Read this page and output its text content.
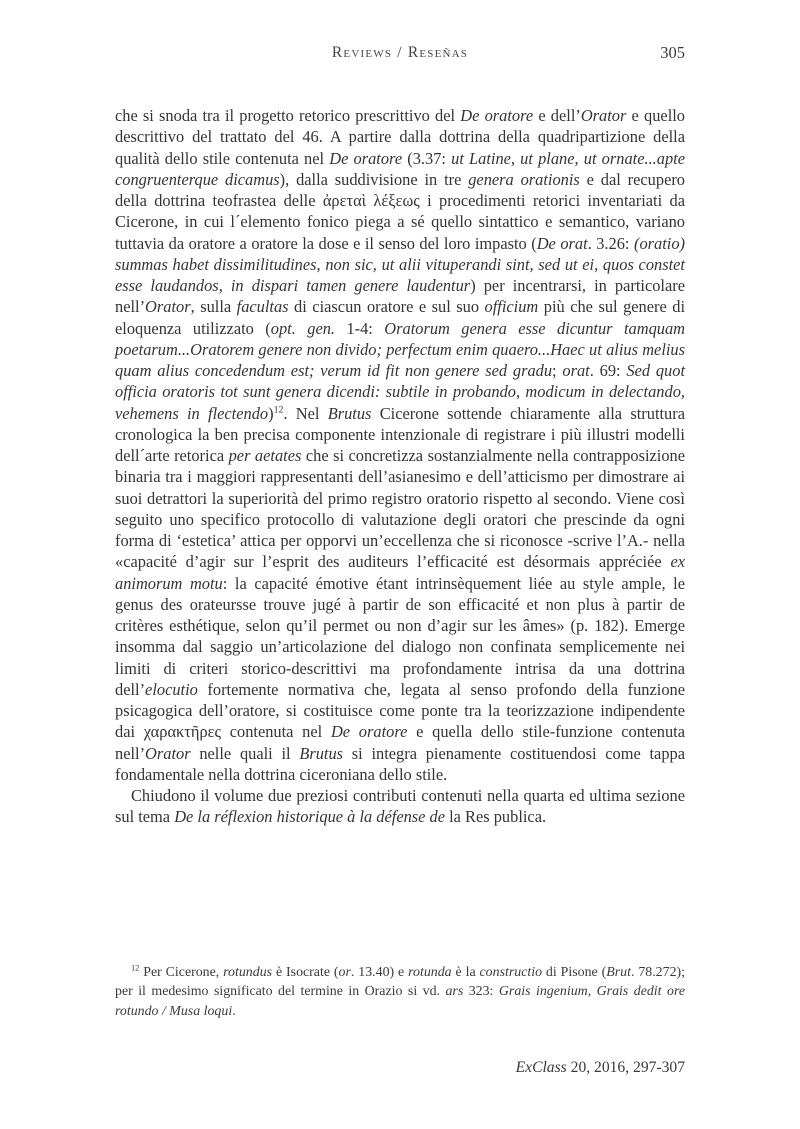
Reviews / Reseñas	305

che si snoda tra il progetto retorico prescrittivo del De oratore e dell’Orator e quello descrittivo del trattato del 46. A partire dalla dottrina della quadripartizione della qualità dello stile contenuta nel De oratore (3.37: ut Latine, ut plane, ut ornate...apte congruenterque dicamus), dalla suddivisione in tre genera orationis e dal recupero della dottrina teofrastea delle ἀρεταὶ λέξεως i procedimenti retorici inventariati da Cicerone, in cui l´elemento fonico piega a sé quello sintattico e semantico, variano tuttavia da oratore a oratore la dose e il senso del loro impasto (De orat. 3.26: (oratio) summas habet dissimilitudines, non sic, ut alii vituperandi sint, sed ut ei, quos constet esse laudandos, in dispari tamen genere laudentur) per incentrarsi, in particolare nell’Orator, sulla facultas di ciascun oratore e sul suo officium più che sul genere di eloquenza utilizzato (opt. gen. 1-4: Oratorum genera esse dicuntur tamquam poetarum...Oratorem genere non divido; perfectum enim quaero...Haec ut alius melius quam alius concedendum est; verum id fit non genere sed gradu; orat. 69: Sed quot officia oratoris tot sunt genera dicendi: subtile in probando, modicum in delectando, vehemens in flectendo)$^{12}$. Nel Brutus Cicerone sottende chiaramente alla struttura cronologica la ben precisa componente intenzionale di registrare i più illustri modelli dell´arte retorica per aetates che si concretizza sostanzialmente nella contrapposizione binaria tra i maggiori rappresentanti dell’asianesimo e dell’atticismo per dimostrare ai suoi detrattori la superiorità del primo registro oratorio rispetto al secondo. Viene così seguito uno specifico protocollo di valutazione degli oratori che prescinde da ogni forma di ‘estetica’ attica per opporvi un’eccellenza che si riconosce -scrive l’A.- nella «capacité d’agir sur l’esprit des auditeurs l’efficacité est désormais appréciée ex animorum motu: la capacité émotive étant intrinsèquement liée au style ample, le genus des orateursse trouve jugé à partir de son efficacité et non plus à partir de critères esthétique, selon qu’il permet ou non d’agir sur les âmes» (p. 182). Emerge insomma dal saggio un’articolazione del dialogo non confinata semplicemente nei limiti di criteri storico-descrittivi ma profondamente intrisa da una dottrina dell’elocutio fortemente normativa che, legata al senso profondo della funzione psicagogica dell’oratore, si costituisce come ponte tra la teorizzazione indipendente dai χαρακτῆρες contenuta nel De oratore e quella dello stile-funzione contenuta nell’Orator nelle quali il Brutus si integra pienamente costituendosi come tappa fondamentale nella dottrina ciceroniana dello stile.

Chiudono il volume due preziosi contributi contenuti nella quarta ed ultima sezione sul tema De la réflexion historique à la défense de la Res publica.

$^{12}$ Per Cicerone, rotundus è Isocrate (or. 13.40) e rotunda è la constructio di Pisone (Brut. 78.272); per il medesimo significato del termine in Orazio si vd. ars 323: Grais ingenium, Grais dedit ore rotundo / Musa loqui.

ExClass 20, 2016, 297-307
